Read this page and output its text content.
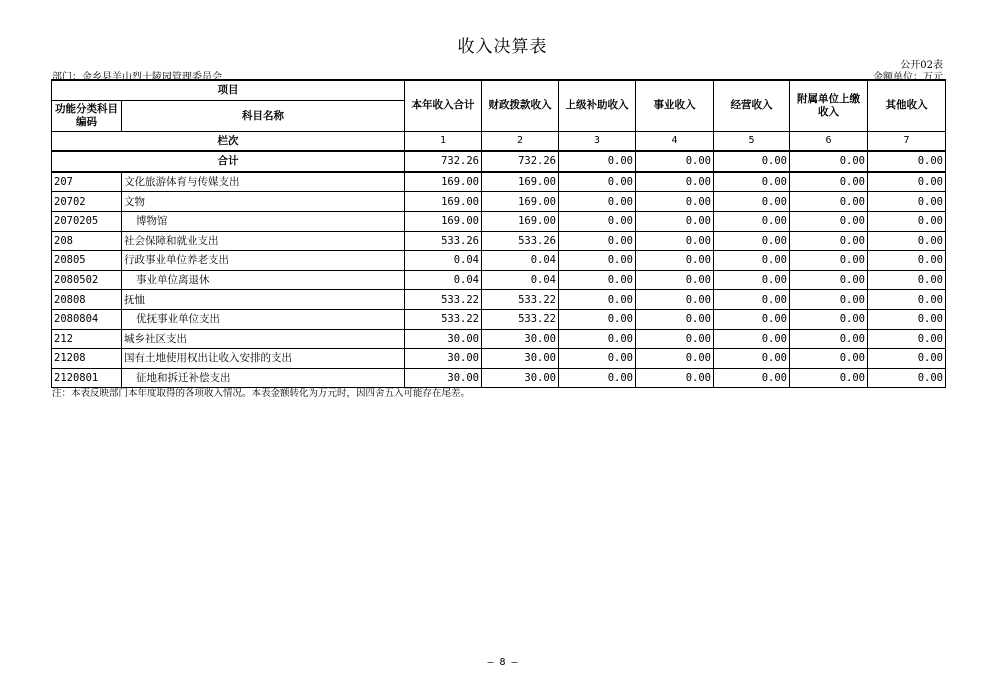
收入决算表
公开02表
部门：金乡县羊山烈士陵园管理委员会	金额单位：万元
项目		本年收入合计	财政拨款收入	上级补助收入	事业收入	经营收入	附属单位上缴收入	其他收入
功能分类科目编码	科目名称							
栏次		1	2	3	4	5	6	7
合计		732.26	732.26	0.00	0.00	0.00	0.00	0.00
207	文化旅游体育与传媒支出	169.00	169.00	0.00	0.00	0.00	0.00	0.00
20702	文物	169.00	169.00	0.00	0.00	0.00	0.00	0.00
2070205	博物馆	169.00	169.00	0.00	0.00	0.00	0.00	0.00
208	社会保障和就业支出	533.26	533.26	0.00	0.00	0.00	0.00	0.00
20805	行政事业单位养老支出	0.04	0.04	0.00	0.00	0.00	0.00	0.00
2080502	事业单位离退休	0.04	0.04	0.00	0.00	0.00	0.00	0.00
20808	抚恤	533.22	533.22	0.00	0.00	0.00	0.00	0.00
2080804	优抚事业单位支出	533.22	533.22	0.00	0.00	0.00	0.00	0.00
212	城乡社区支出	30.00	30.00	0.00	0.00	0.00	0.00	0.00
21208	国有土地使用权出让收入安排的支出	30.00	30.00	0.00	0.00	0.00	0.00	0.00
2120801	征地和拆迁补偿支出	30.00	30.00	0.00	0.00	0.00	0.00	0.00
注：本表反映部门本年度取得的各项收入情况。本表金额转化为万元时，因四舍五入可能存在尾差。
— 8 —
